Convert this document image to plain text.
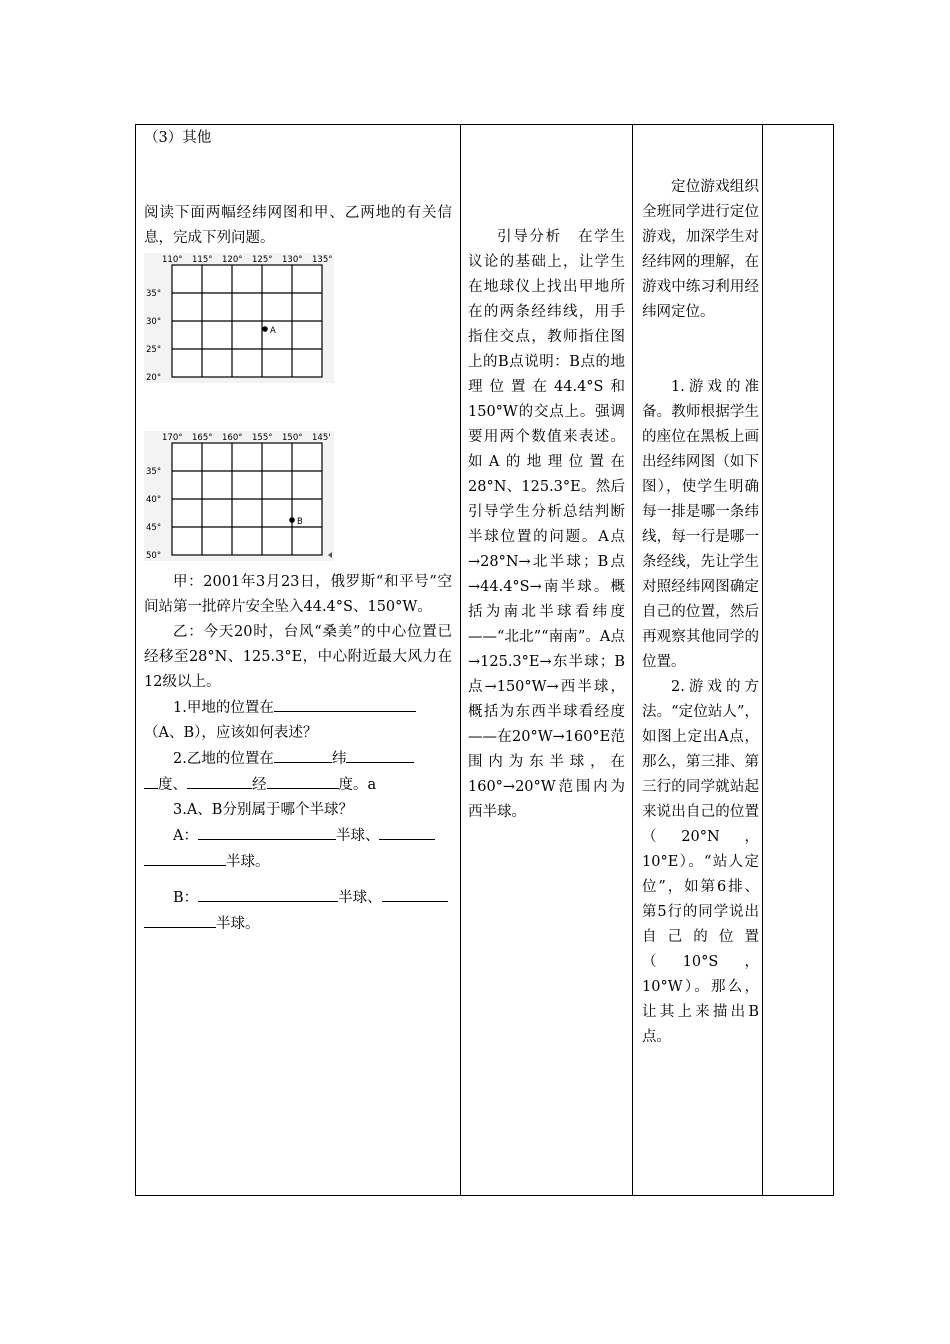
（3）其他

阅读下面两幅经纬网图和甲、乙两地的有关信息，完成下列问题。

110° 115° 120° 125° 130° 135°
35°
30°
25°
20°
A
170° 165° 160° 155° 150° 145'
35°
40°
45°
50°
B

甲：2001年3月23日，俄罗斯“和平号”空间站第一批碎片安全坠入44.4°S、150°W。

乙：今天20时，台风“桑美”的中心位置已经移至28°N、125.3°E，中心附近最大风力在12级以上。

1.甲地的位置在
（A、B），应该如何表述？

2.乙地的位置在	纬
度、	经	度。a

3.A、B分别属于哪个半球？

A：	半球、
半球。

B：	半球、
半球。

引导分析　在学生议论的基础上，让学生在地球仪上找出甲地所在的两条经纬线，用手指住交点，教师指住图上的B点说明：B点的地理位置在44.4°S和150°W的交点上。强调要用两个数值来表述。如A的地理位置在28°N、125.3°E。然后引导学生分析总结判断半球位置的问题。A点→28°N→北半球；B点→44.4°S→南半球。概括为南北半球看纬度——“北北”“南南”。A点→125.3°E→东半球；B点→150°W→西半球，概括为东西半球看经度——在20°W→160°E范围内为东半球，在160°→20°W范围内为西半球。

定位游戏组织全班同学进行定位游戏，加深学生对经纬网的理解，在游戏中练习利用经纬网定位。

1.游戏的准备。教师根据学生的座位在黑板上画出经纬网图（如下图），使学生明确每一排是哪一条纬线，每一行是哪一条经线，先让学生对照经纬网图确定自己的位置，然后再观察其他同学的位置。

2.游戏的方法。“定位站人”，如图上定出A点，那么，第三排、第三行的同学就站起来说出自己的位置（20°N，10°E）。“站人定位”，如第6排、第5行的同学说出自己的位置（10°S，10°W）。那么，让其上来描出B点。
